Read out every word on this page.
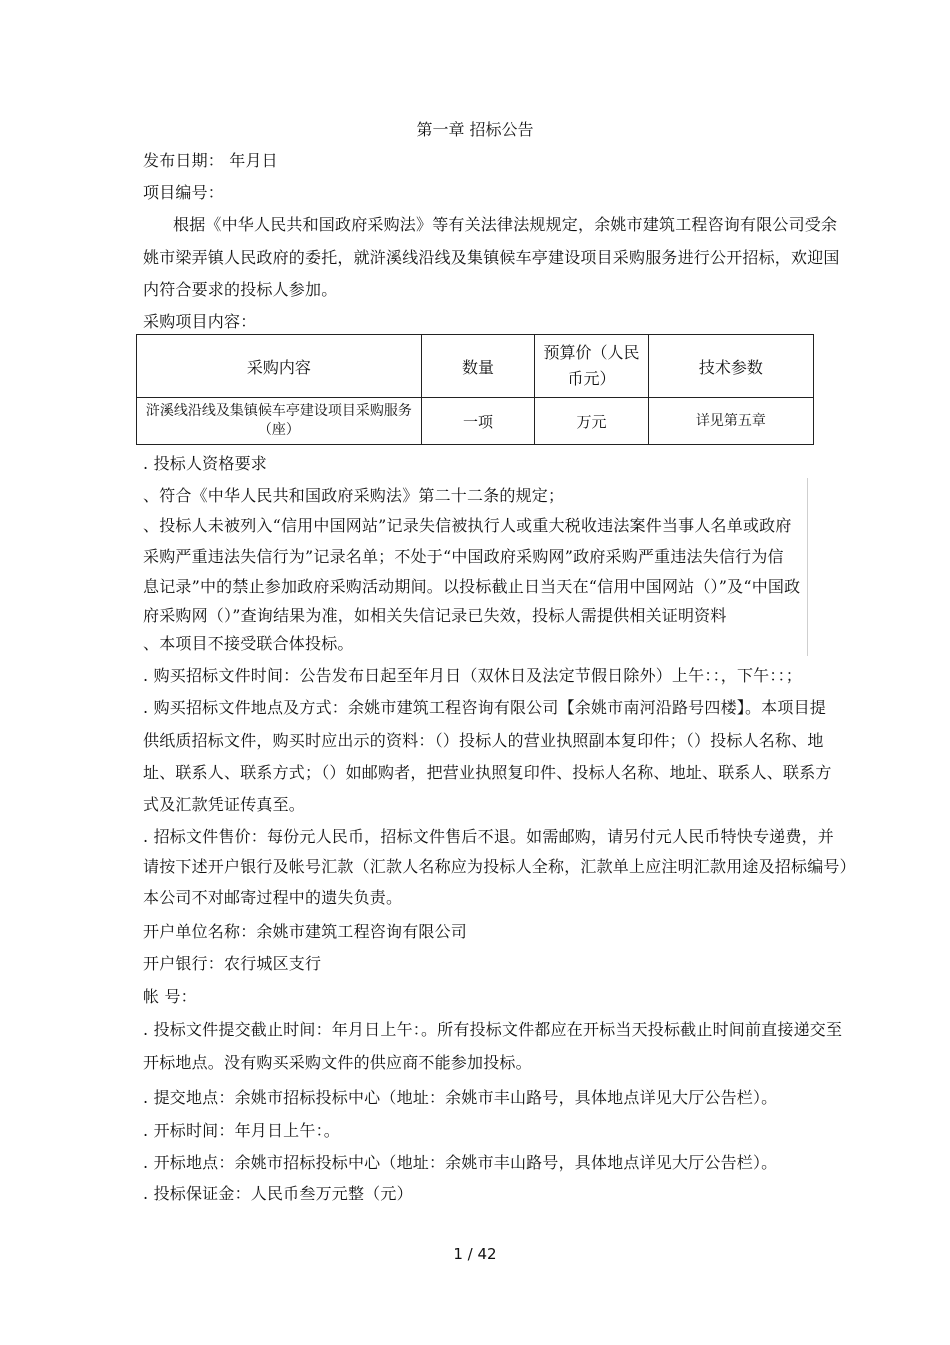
第一章 招标公告
发布日期： 年月日
项目编号：
根据《中华人民共和国政府采购法》等有关法律法规规定，余姚市建筑工程咨询有限公司受余
姚市梁弄镇人民政府的委托，就浒溪线沿线及集镇候车亭建设项目采购服务进行公开招标，欢迎国
内符合要求的投标人参加。
采购项目内容：
采购内容	数量	预算价（人民
币元）	技术参数

浒溪线沿线及集镇候车亭建设项目采购服务
（座）	一项	万元	详见第五章
. 投标人资格要求
、符合《中华人民共和国政府采购法》第二十二条的规定；
、投标人未被列入“信用中国网站”记录失信被执行人或重大税收违法案件当事人名单或政府
采购严重违法失信行为”记录名单；不处于“中国政府采购网”政府采购严重违法失信行为信
息记录”中的禁止参加政府采购活动期间。以投标截止日当天在“信用中国网站（）”及“中国政
府采购网（）”查询结果为准，如相关失信记录已失效，投标人需提供相关证明资料
、本项目不接受联合体投标。
. 购买招标文件时间：公告发布日起至年月日（双休日及法定节假日除外）上午：：，下午：：；
. 购买招标文件地点及方式：余姚市建筑工程咨询有限公司【余姚市南河沿路号四楼】。本项目提
供纸质招标文件，购买时应出示的资料：（）投标人的营业执照副本复印件；（）投标人名称、地
址、联系人、联系方式；（）如邮购者，把营业执照复印件、投标人名称、地址、联系人、联系方
式及汇款凭证传真至。
. 招标文件售价：每份元人民币，招标文件售后不退。如需邮购，请另付元人民币特快专递费，并
请按下述开户银行及帐号汇款（汇款人名称应为投标人全称，汇款单上应注明汇款用途及招标编号）
本公司不对邮寄过程中的遗失负责。
开户单位名称：余姚市建筑工程咨询有限公司
开户银行：农行城区支行
帐 号：
. 投标文件提交截止时间：年月日上午：。所有投标文件都应在开标当天投标截止时间前直接递交至
开标地点。没有购买采购文件的供应商不能参加投标。
. 提交地点：余姚市招标投标中心（地址：余姚市丰山路号，具体地点详见大厅公告栏）。
. 开标时间：年月日上午：。
. 开标地点：余姚市招标投标中心（地址：余姚市丰山路号，具体地点详见大厅公告栏）。
. 投标保证金：人民币叁万元整（元）
1 / 42
